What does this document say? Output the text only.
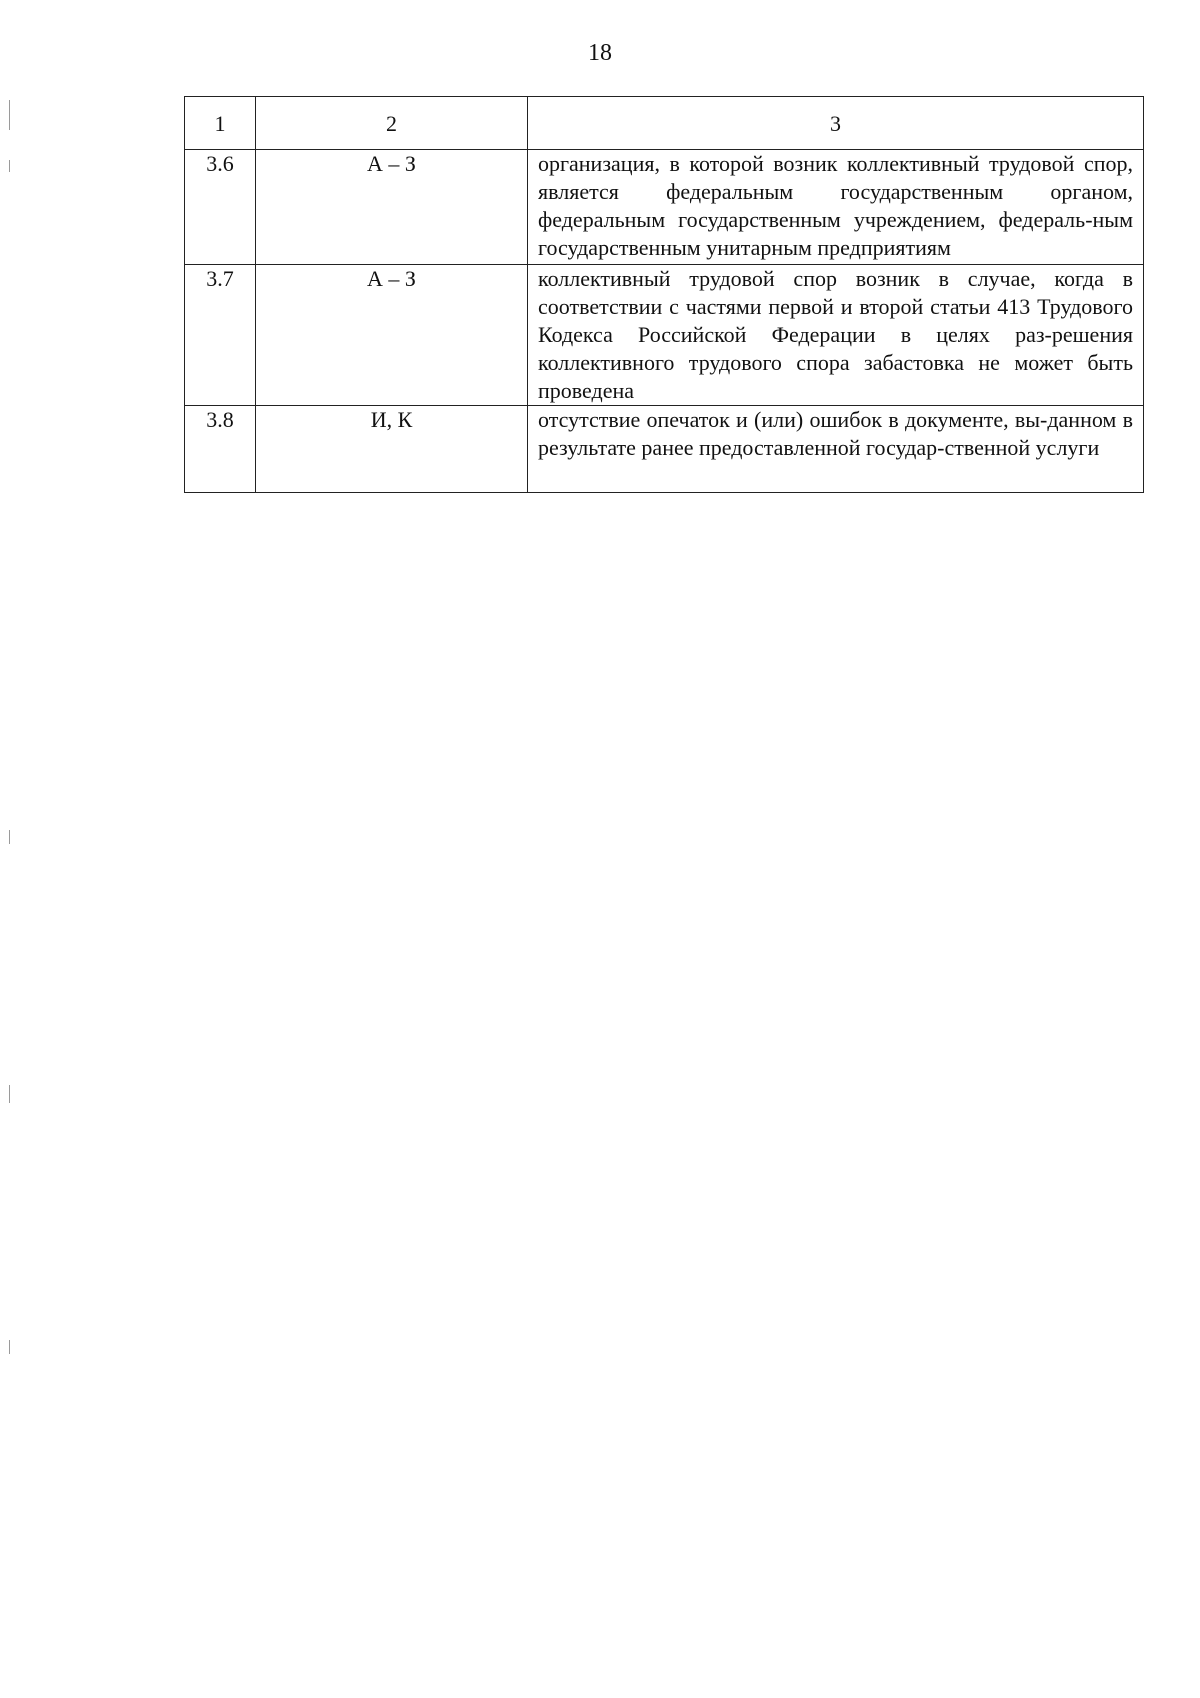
18
1	2	3
3.6	А – З	организация, в которой возник коллективный трудовой спор, является федеральным государственным органом, федеральным государственным учреждением, федераль-ным государственным унитарным предприятиям
3.7	А – З	коллективный трудовой спор возник в случае, когда в соответствии с частями первой и второй статьи 413 Трудового Кодекса Российской Федерации в целях раз-решения коллективного трудового спора забастовка не может быть проведена
3.8	И, К	отсутствие опечаток и (или) ошибок в документе, вы-данном в результате ранее предоставленной государ-ственной услуги
